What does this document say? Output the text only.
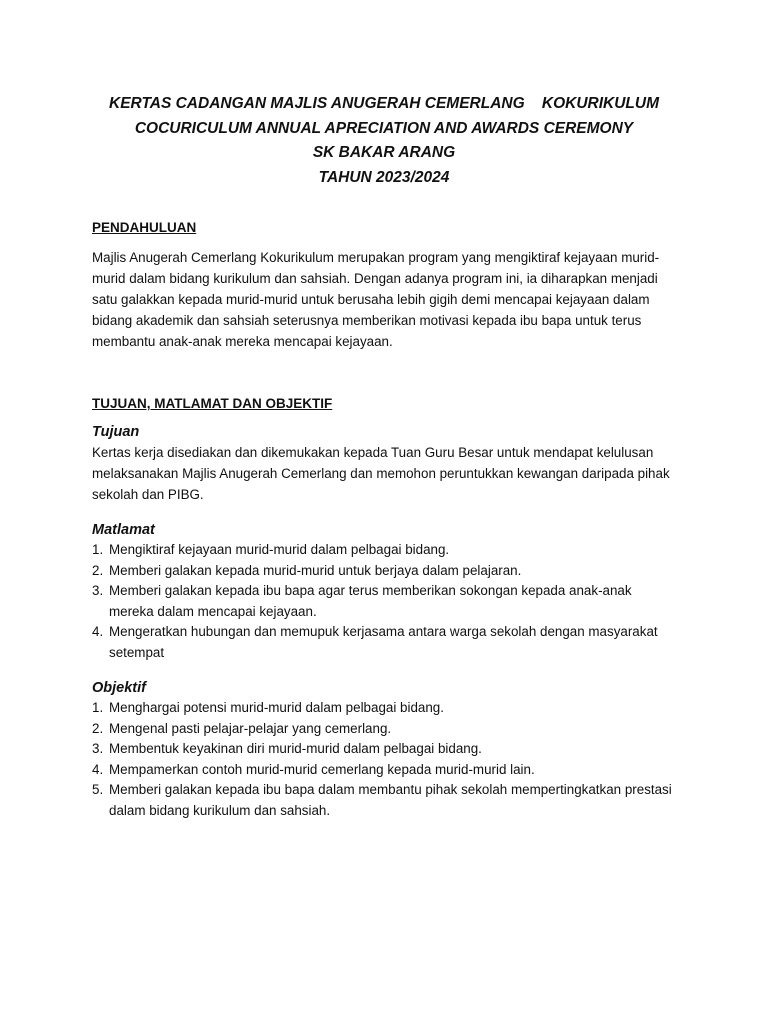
KERTAS CADANGAN MAJLIS ANUGERAH CEMERLANG    KOKURIKULUM
COCURICULUM ANNUAL APRECIATION AND AWARDS CEREMONY
SK BAKAR ARANG
TAHUN 2023/2024

PENDAHULUAN

Majlis Anugerah Cemerlang Kokurikulum merupakan program yang mengiktiraf kejayaan murid-murid dalam bidang kurikulum dan sahsiah. Dengan adanya program ini, ia diharapkan menjadi satu galakkan kepada murid-murid untuk berusaha lebih gigih demi mencapai kejayaan dalam bidang akademik dan sahsiah seterusnya memberikan motivasi kepada ibu bapa untuk terus membantu anak-anak mereka mencapai kejayaan.

TUJUAN, MATLAMAT DAN OBJEKTIF

Tujuan

Kertas kerja disediakan dan dikemukakan kepada Tuan Guru Besar untuk mendapat kelulusan melaksanakan Majlis Anugerah Cemerlang dan memohon peruntukkan kewangan daripada pihak sekolah dan PIBG.

Matlamat

1. Mengiktiraf kejayaan murid-murid dalam pelbagai bidang.
2. Memberi galakan kepada murid-murid untuk berjaya dalam pelajaran.
3. Memberi galakan kepada ibu bapa agar terus memberikan sokongan kepada anak-anak mereka dalam mencapai kejayaan.
4. Mengeratkan hubungan dan memupuk kerjasama antara warga sekolah dengan masyarakat setempat

Objektif

1. Menghargai potensi murid-murid dalam pelbagai bidang.
2. Mengenal pasti pelajar-pelajar yang cemerlang.
3. Membentuk keyakinan diri murid-murid dalam pelbagai bidang.
4. Mempamerkan contoh murid-murid cemerlang kepada murid-murid lain.
5. Memberi galakan kepada ibu bapa dalam membantu pihak sekolah mempertingkatkan prestasi dalam bidang kurikulum dan sahsiah.
